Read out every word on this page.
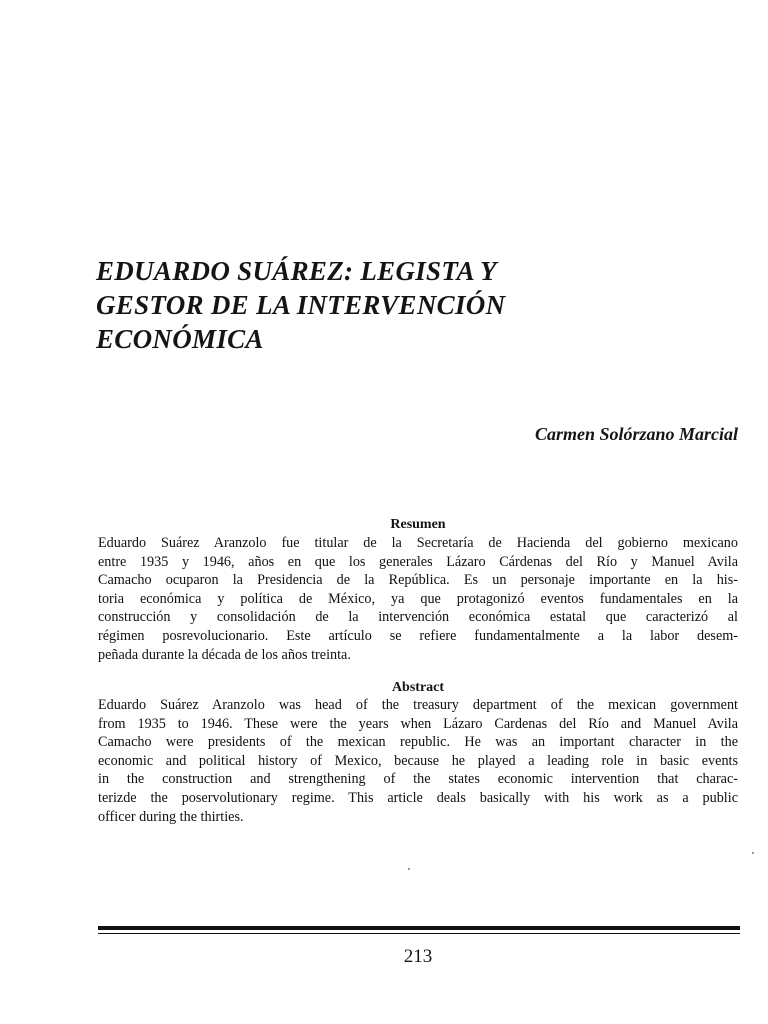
EDUARDO SUÁREZ: LEGISTA Y
GESTOR DE LA INTERVENCIÓN
ECONÓMICA
Carmen Solórzano Marcial
Resumen

Eduardo Suárez Aranzolo fue titular de la Secretaría de Hacienda del gobierno mexicano
entre 1935 y 1946, años en que los generales Lázaro Cárdenas del Río y Manuel Avila
Camacho ocuparon la Presidencia de la República. Es un personaje importante en la his-
toria económica y política de México, ya que protagonizó eventos fundamentales en la
construcción y consolidación de la intervención económica estatal que caracterizó al
régimen posrevolucionario. Este artículo se refiere fundamentalmente a la labor desem-
peñada durante la década de los años treinta.

Abstract

Eduardo Suárez Aranzolo was head of the treasury department of the mexican government
from 1935 to 1946. These were the years when Lázaro Cardenas del Río and Manuel Avila
Camacho were presidents of the mexican republic. He was an important character in the
economic and political history of Mexico, because he played a leading role in basic events
in the construction and strengthening of the states economic intervention that charac-
terizde the poservolutionary regime. This article deals basically with his work as a public
officer during the thirties.

213
